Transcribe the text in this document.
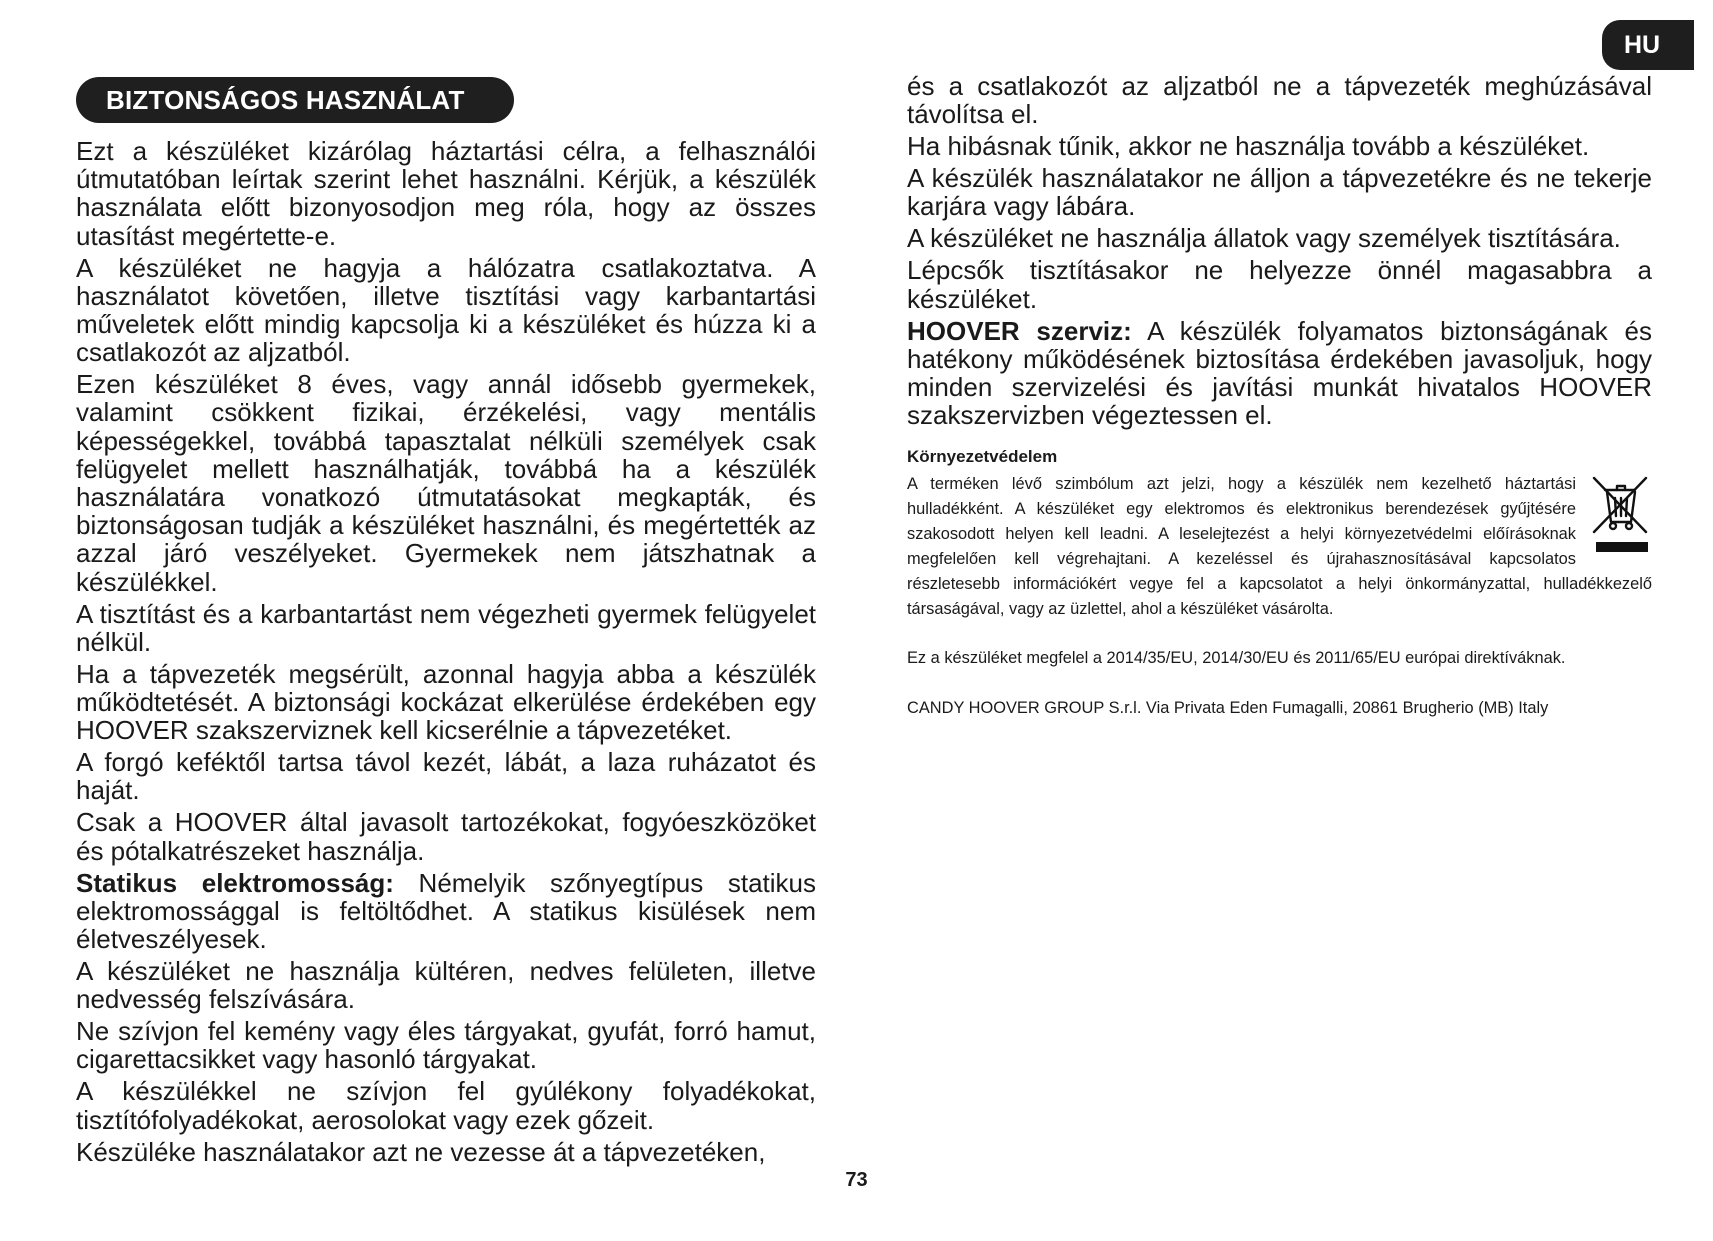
HU
BIZTONSÁGOS HASZNÁLAT

Ezt a készüléket kizárólag háztartási célra, a felhasználói útmutatóban leírtak szerint lehet használni. Kérjük, a készülék használata előtt bizonyosodjon meg róla, hogy az összes utasítást megértette-e.

A készüléket ne hagyja a hálózatra csatlakoztatva. A használatot követően, illetve tisztítási vagy karbantartási műveletek előtt mindig kapcsolja ki a készüléket és húzza ki a csatlakozót az aljzatból.

Ezen készüléket 8 éves, vagy annál idősebb gyermekek, valamint csökkent fizikai, érzékelési, vagy mentális képességekkel, továbbá tapasztalat nélküli személyek csak felügyelet mellett használhatják, továbbá ha a készülék használatára vonatkozó útmutatásokat megkapták, és biztonságosan tudják a készüléket használni, és megértették az azzal járó veszélyeket. Gyermekek nem játszhatnak a készülékkel.

A tisztítást és a karbantartást nem végezheti gyermek felügyelet nélkül.

Ha a tápvezeték megsérült, azonnal hagyja abba a készülék működtetését. A biztonsági kockázat elkerülése érdekében egy HOOVER szakszerviznek kell kicserélnie a tápvezetéket.

A forgó keféktől tartsa távol kezét, lábát, a laza ruházatot és haját.

Csak a HOOVER által javasolt tartozékokat, fogyóeszközöket és pótalkatrészeket használja.

Statikus elektromosság: Némelyik szőnyegtípus statikus elektromossággal is feltöltődhet. A statikus kisülések nem életveszélyesek.

A készüléket ne használja kültéren, nedves felületen, illetve nedvesség felszívására.

Ne szívjon fel kemény vagy éles tárgyakat, gyufát, forró hamut, cigarettacsikket vagy hasonló tárgyakat.

A készülékkel ne szívjon fel gyúlékony folyadékokat, tisztítófolyadékokat, aerosolokat vagy ezek gőzeit.

Készüléke használatakor azt ne vezesse át a tápvezetéken,

és a csatlakozót az aljzatból ne a tápvezeték meghúzásával távolítsa el.

Ha hibásnak tűnik, akkor ne használja tovább a készüléket.

A készülék használatakor ne álljon a tápvezetékre és ne tekerje karjára vagy lábára.

A készüléket ne használja állatok vagy személyek tisztítására.

Lépcsők tisztításakor ne helyezze önnél magasabbra a készüléket.

HOOVER szerviz: A készülék folyamatos biztonságának és hatékony működésének biztosítása érdekében javasoljuk, hogy minden szervizelési és javítási munkát hivatalos HOOVER szakszervizben végeztessen el.

Környezetvédelem

A terméken lévő szimbólum azt jelzi, hogy a készülék nem kezelhető háztartási hulladékként. A készüléket egy elektromos és elektronikus berendezések gyűjtésére szakosodott helyen kell leadni. A leselejtezést a helyi környezetvédelmi előírásoknak megfelelően kell végrehajtani. A kezeléssel és újrahasznosításával kapcsolatos részletesebb információkért vegye fel a kapcsolatot a helyi önkormányzattal, hulladékkezelő társaságával, vagy az üzlettel, ahol a készüléket vásárolta.

Ez a készüléket megfelel a 2014/35/EU, 2014/30/EU és 2011/65/EU európai direktíváknak.

CANDY HOOVER GROUP S.r.l. Via Privata Eden Fumagalli, 20861 Brugherio (MB) Italy

73
